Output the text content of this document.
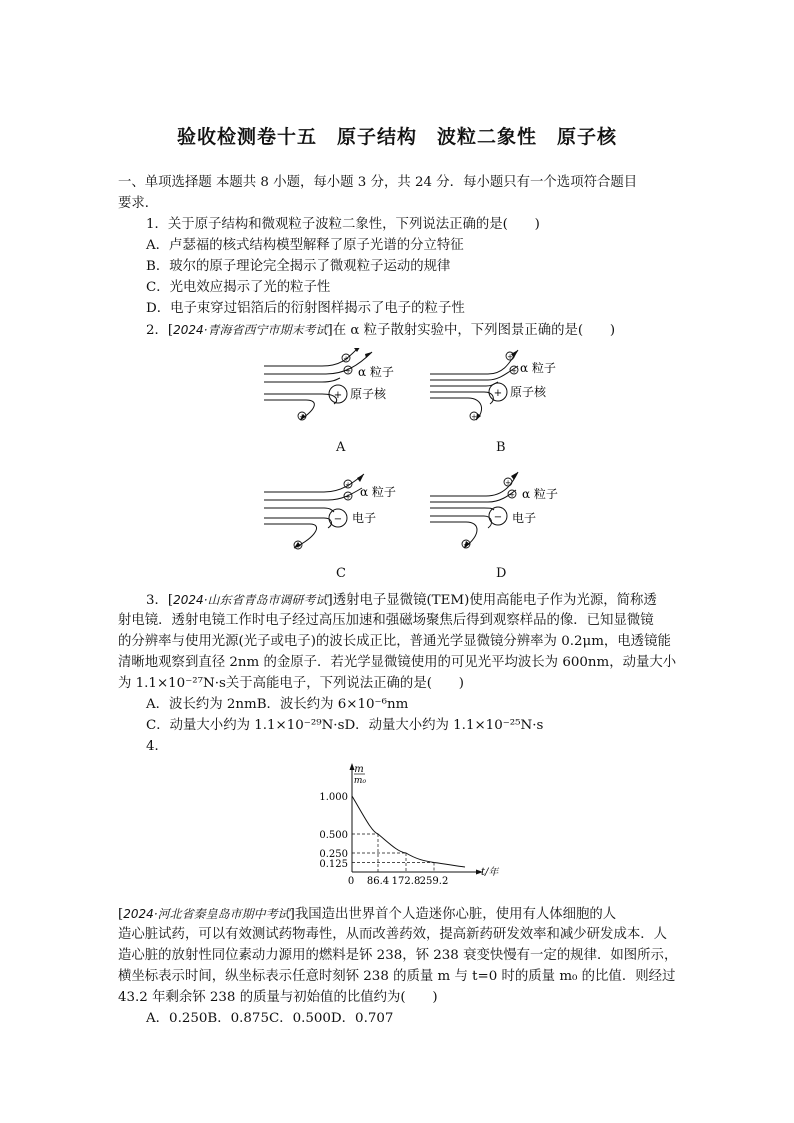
验收检测卷十五　原子结构　波粒二象性　原子核
一、单项选择题 本题共 8 小题，每小题 3 分，共 24 分．每小题只有一个选项符合题目
要求．
1．关于原子结构和微观粒子波粒二象性，下列说法正确的是(　　)
A．卢瑟福的核式结构模型解释了原子光谱的分立特征
B．玻尔的原子理论完全揭示了微观粒子运动的规律
C．光电效应揭示了光的粒子性
D．电子束穿过铝箔后的衍射图样揭示了电子的粒子性
2．[2024·青海省西宁市期末考试]在 α 粒子散射实验中，下列图景正确的是(　　)
+
+
+
+
α 粒子
原子核
A
+
+
+
+
α 粒子
原子核
B
−
+
+
+
α 粒子
电子
C
−
+
+
+
α 粒子
电子
D
3．[2024·山东省青岛市调研考试]透射电子显微镜(TEM)使用高能电子作为光源，简称透
射电镜．透射电镜工作时电子经过高压加速和强磁场聚焦后得到观察样品的像．已知显微镜
的分辨率与使用光源(光子或电子)的波长成正比，普通光学显微镜分辨率为 0.2μm，电透镜能
清晰地观察到直径 2nm 的金原子．若光学显微镜使用的可见光平均波长为 600nm，动量大小
为 1.1×10⁻²⁷N·s关于高能电子，下列说法正确的是(　　)
A．波长约为 2nmB．波长约为 6×10⁻⁶nm
C．动量大小约为 1.1×10⁻²⁹N·sD．动量大小约为 1.1×10⁻²⁵N·s
4．
m
m₀
1.000
0.500
0.250
0.125
0 86.4 172.8 259.2
t/年
[2024·河北省秦皇岛市期中考试]我国造出世界首个人造迷你心脏，使用有人体细胞的人
造心脏试药，可以有效测试药物毒性，从而改善药效，提高新药研发效率和减少研发成本．人
造心脏的放射性同位素动力源用的燃料是钚 238，钚 238 衰变快慢有一定的规律．如图所示，
横坐标表示时间，纵坐标表示任意时刻钚 238 的质量 m 与 t=0 时的质量 m₀ 的比值．则经过
43.2 年剩余钚 238 的质量与初始值的比值约为(　　)
A．0.250B．0.875C．0.500D．0.707
